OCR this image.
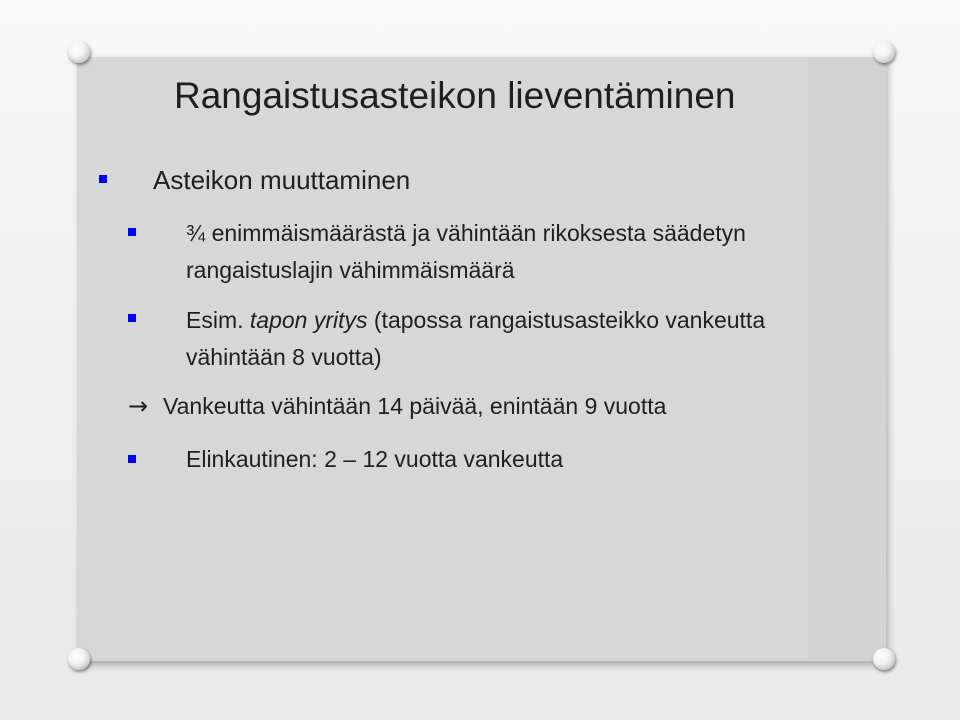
Rangaistusasteikon lieventäminen
Asteikon muuttaminen
¾ enimmäismäärästä ja vähintään rikoksesta säädetyn
rangaistuslajin vähimmäismäärä
Esim. tapon yritys (tapossa rangaistusasteikko vankeutta
vähintään 8 vuotta)
→ Vankeutta vähintään 14 päivää, enintään 9 vuotta
Elinkautinen: 2 – 12 vuotta vankeutta
